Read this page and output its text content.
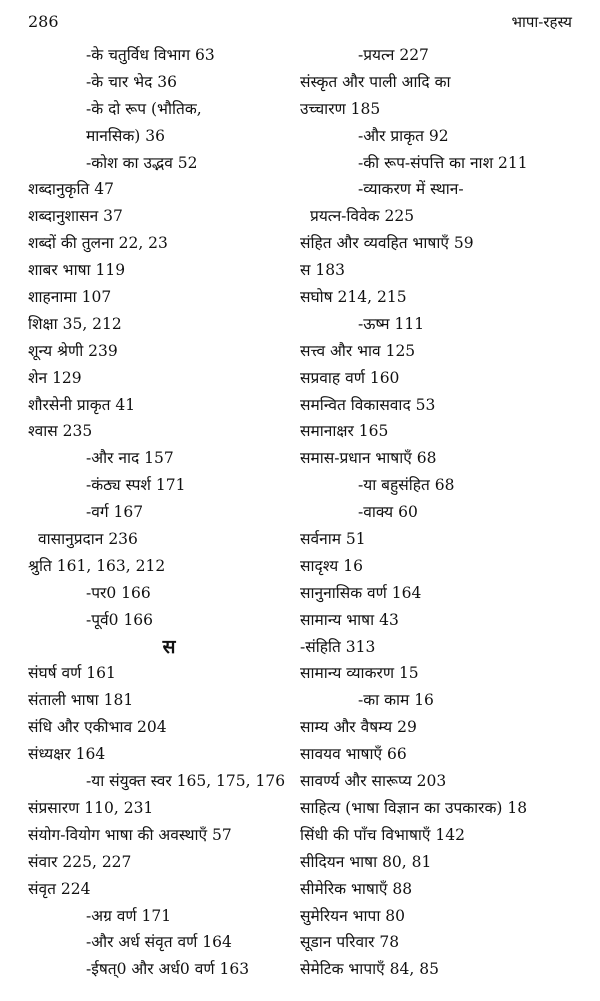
286	भापा-रहस्य
-के चतुर्विध विभाग 63
-के चार भेद 36
-के दो रूप (भौतिक,
मानसिक) 36
-कोश का उद्भव 52
शब्दानुकृति 47
शब्दानुशासन 37
शब्दों की तुलना 22, 23
शाबर भाषा 119
शाहनामा 107
शिक्षा 35, 212
शून्य श्रेणी 239
शेन 129
शौरसेनी प्राकृत 41
श्वास 235
-और नाद 157
-कंठ्य स्पर्श 171
-वर्ग 167
वासानुप्रदान 236
श्रुति 161, 163, 212
-पर0 166
-पूर्व0 166
स
संघर्ष वर्ण 161
संताली भाषा 181
संधि और एकीभाव 204
संध्यक्षर 164
-या संयुक्त स्वर 165, 175, 176
संप्रसारण 110, 231
संयोग-वियोग भाषा की अवस्थाएँ 57
संवार 225, 227
संवृत 224
-अग्र वर्ण 171
-और अर्ध संवृत वर्ण 164
-ईषत्0 और अर्ध0 वर्ण 163
-प्रयत्न 227
संस्कृत और पाली आदि का
उच्चारण 185
-और प्राकृत 92
-की रूप-संपत्ति का नाश 211
-व्याकरण में स्थान-
प्रयत्न-विवेक 225
संहित और व्यवहित भाषाएँ 59
स 183
सघोष 214, 215
-ऊष्म 111
सत्त्व और भाव 125
सप्रवाह वर्ण 160
समन्वित विकासवाद 53
समानाक्षर 165
समास-प्रधान भाषाएँ 68
-या बहुसंहित 68
-वाक्य 60
सर्वनाम 51
सादृश्य 16
सानुनासिक वर्ण 164
सामान्य भाषा 43
-संहिति 313
सामान्य व्याकरण 15
-का काम 16
साम्य और वैषम्य 29
सावयव भाषाएँ 66
सावर्ण्य और सारूप्य 203
साहित्य (भाषा विज्ञान का उपकारक) 18
सिंधी की पाँच विभाषाएँ 142
सीदियन भाषा 80, 81
सीमेरिक भाषाएँ 88
सुमेरियन भापा 80
सूडान परिवार 78
सेमेटिक भापाएँ 84, 85
